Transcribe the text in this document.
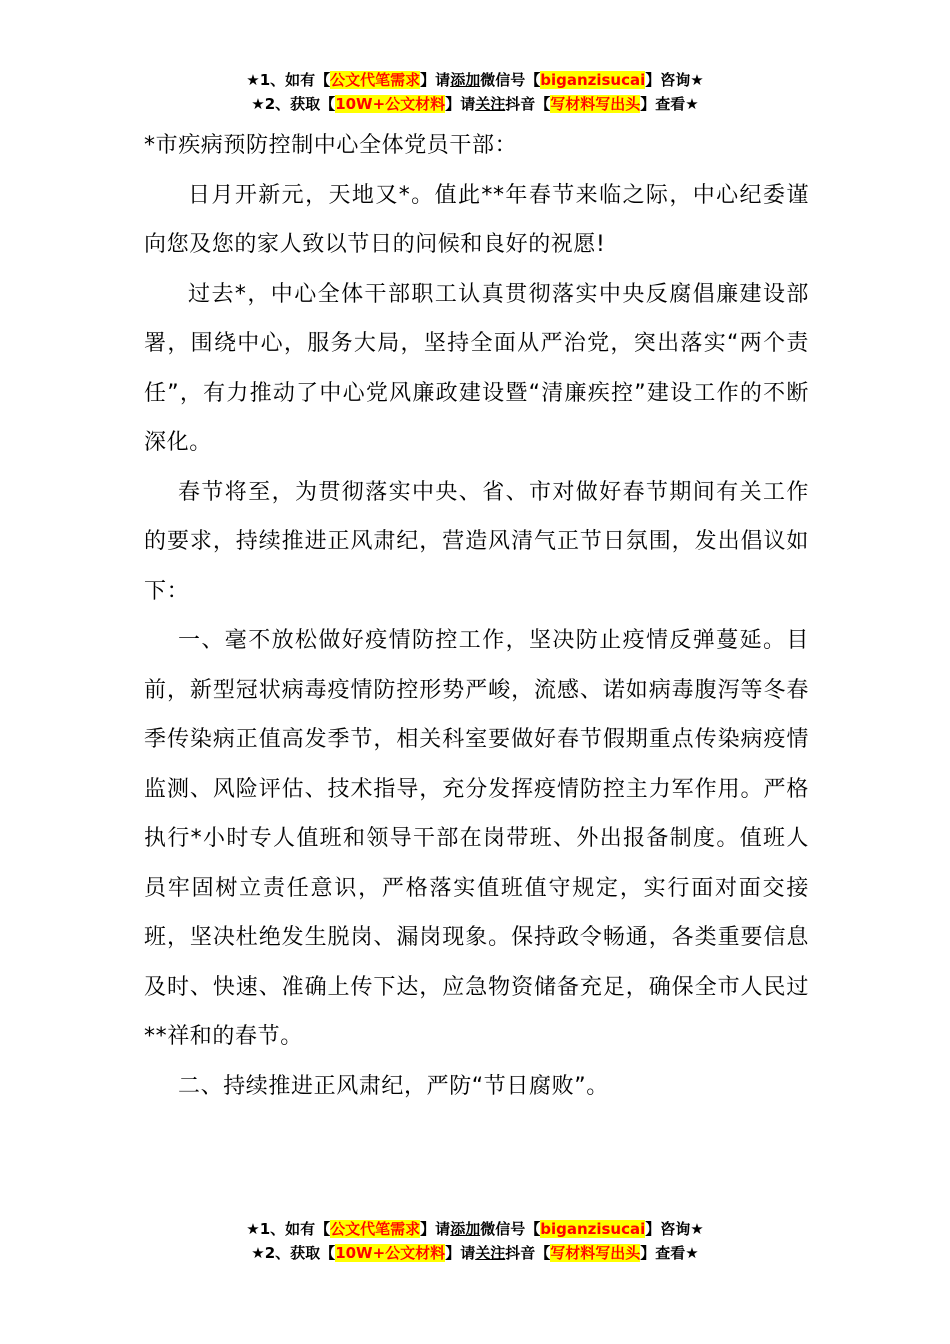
★1、如有【公文代笔需求】请添加微信号【biganzisucai】咨询★
★2、获取【10W+公文材料】请关注抖音【写材料写出头】查看★

*市疾病预防控制中心全体党员干部：

日月开新元，天地又*。值此**年春节来临之际，中心纪委谨向您及您的家人致以节日的问候和良好的祝愿!

过去*，中心全体干部职工认真贯彻落实中央反腐倡廉建设部署，围绕中心，服务大局，坚持全面从严治党，突出落实“两个责任”，有力推动了中心党风廉政建设暨“清廉疾控”建设工作的不断深化。

春节将至，为贯彻落实中央、省、市对做好春节期间有关工作的要求，持续推进正风肃纪，营造风清气正节日氛围，发出倡议如下：

一、毫不放松做好疫情防控工作，坚决防止疫情反弹蔓延。目前，新型冠状病毒疫情防控形势严峻，流感、诺如病毒腹泻等冬春季传染病正值高发季节，相关科室要做好春节假期重点传染病疫情监测、风险评估、技术指导，充分发挥疫情防控主力军作用。严格执行*小时专人值班和领导干部在岗带班、外出报备制度。值班人员牢固树立责任意识，严格落实值班值守规定，实行面对面交接班，坚决杜绝发生脱岗、漏岗现象。保持政令畅通，各类重要信息及时、快速、准确上传下达，应急物资储备充足，确保全市人民过**祥和的春节。

二、持续推进正风肃纪，严防“节日腐败”。

★1、如有【公文代笔需求】请添加微信号【biganzisucai】咨询★
★2、获取【10W+公文材料】请关注抖音【写材料写出头】查看★
